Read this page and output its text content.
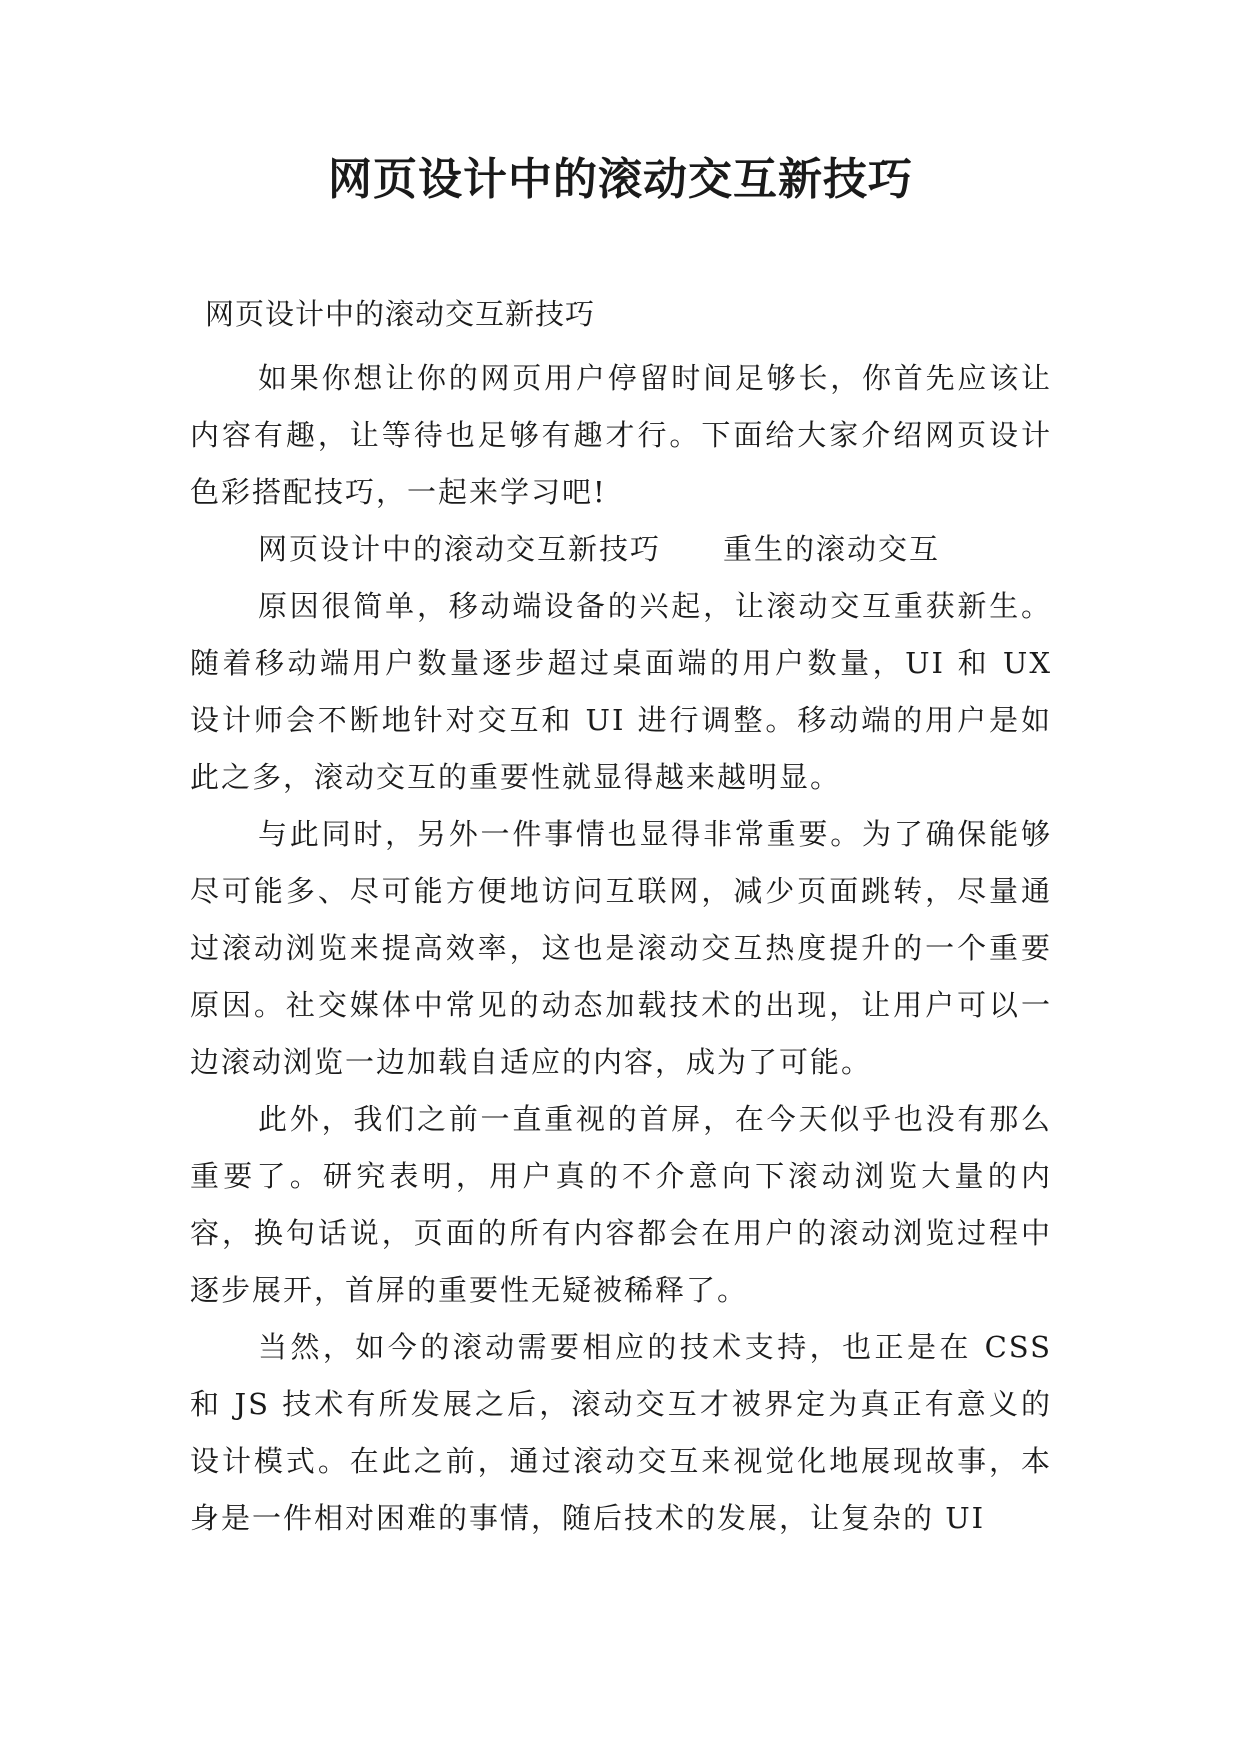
网页设计中的滚动交互新技巧
网页设计中的滚动交互新技巧

如果你想让你的网页用户停留时间足够长，你首先应该让内容有趣，让等待也足够有趣才行。下面给大家介绍网页设计色彩搭配技巧，一起来学习吧!

网页设计中的滚动交互新技巧 重生的滚动交互

原因很简单，移动端设备的兴起，让滚动交互重获新生。随着移动端用户数量逐步超过桌面端的用户数量，UI 和 UX 设计师会不断地针对交互和 UI 进行调整。移动端的用户是如此之多，滚动交互的重要性就显得越来越明显。

与此同时，另外一件事情也显得非常重要。为了确保能够尽可能多、尽可能方便地访问互联网，减少页面跳转，尽量通过滚动浏览来提高效率，这也是滚动交互热度提升的一个重要原因。社交媒体中常见的动态加载技术的出现，让用户可以一边滚动浏览一边加载自适应的内容，成为了可能。

此外，我们之前一直重视的首屏，在今天似乎也没有那么重要了。研究表明，用户真的不介意向下滚动浏览大量的内容，换句话说，页面的所有内容都会在用户的滚动浏览过程中逐步展开，首屏的重要性无疑被稀释了。

当然，如今的滚动需要相应的技术支持，也正是在 CSS 和 JS 技术有所发展之后，滚动交互才被界定为真正有意义的设计模式。在此之前，通过滚动交互来视觉化地展现故事，本身是一件相对困难的事情，随后技术的发展，让复杂的 UI
